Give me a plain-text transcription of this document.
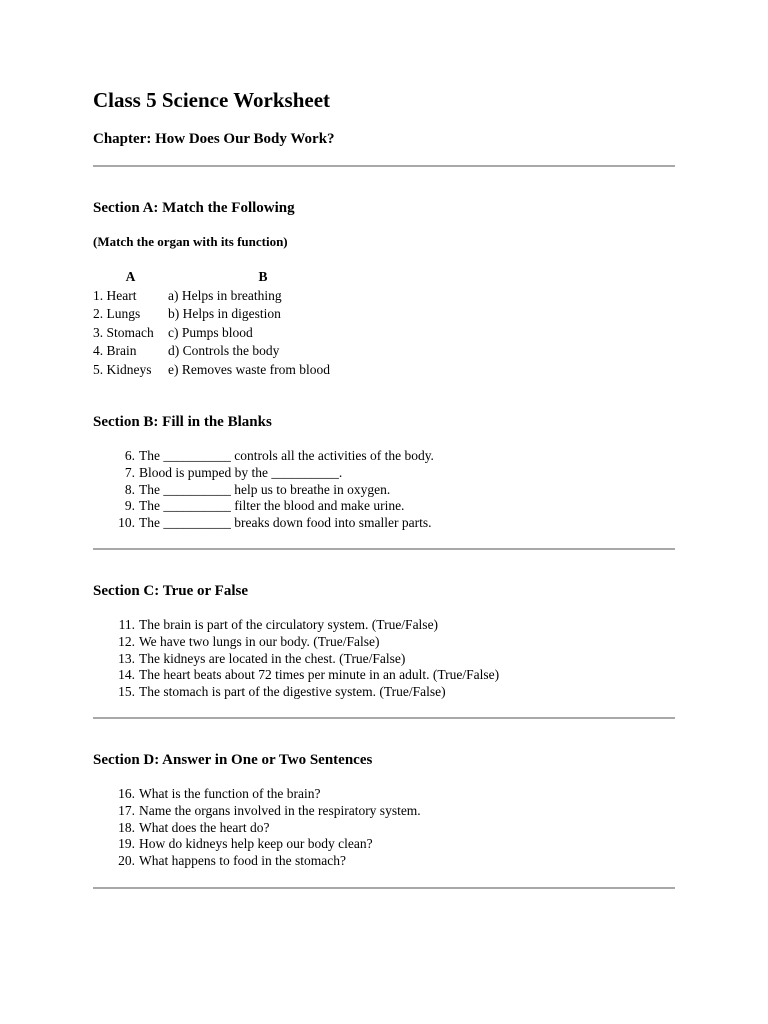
Class 5 Science Worksheet
Chapter: How Does Our Body Work?
Section A: Match the Following
(Match the organ with its function)
A	B
1. Heart	a) Helps in breathing
2. Lungs	b) Helps in digestion
3. Stomach	c) Pumps blood
4. Brain	d) Controls the body
5. Kidneys	e) Removes waste from blood
Section B: Fill in the Blanks
6. The __________ controls all the activities of the body.
7. Blood is pumped by the __________.
8. The __________ help us to breathe in oxygen.
9. The __________ filter the blood and make urine.
10. The __________ breaks down food into smaller parts.
Section C: True or False
11. The brain is part of the circulatory system. (True/False)
12. We have two lungs in our body. (True/False)
13. The kidneys are located in the chest. (True/False)
14. The heart beats about 72 times per minute in an adult. (True/False)
15. The stomach is part of the digestive system. (True/False)
Section D: Answer in One or Two Sentences
16. What is the function of the brain?
17. Name the organs involved in the respiratory system.
18. What does the heart do?
19. How do kidneys help keep our body clean?
20. What happens to food in the stomach?
